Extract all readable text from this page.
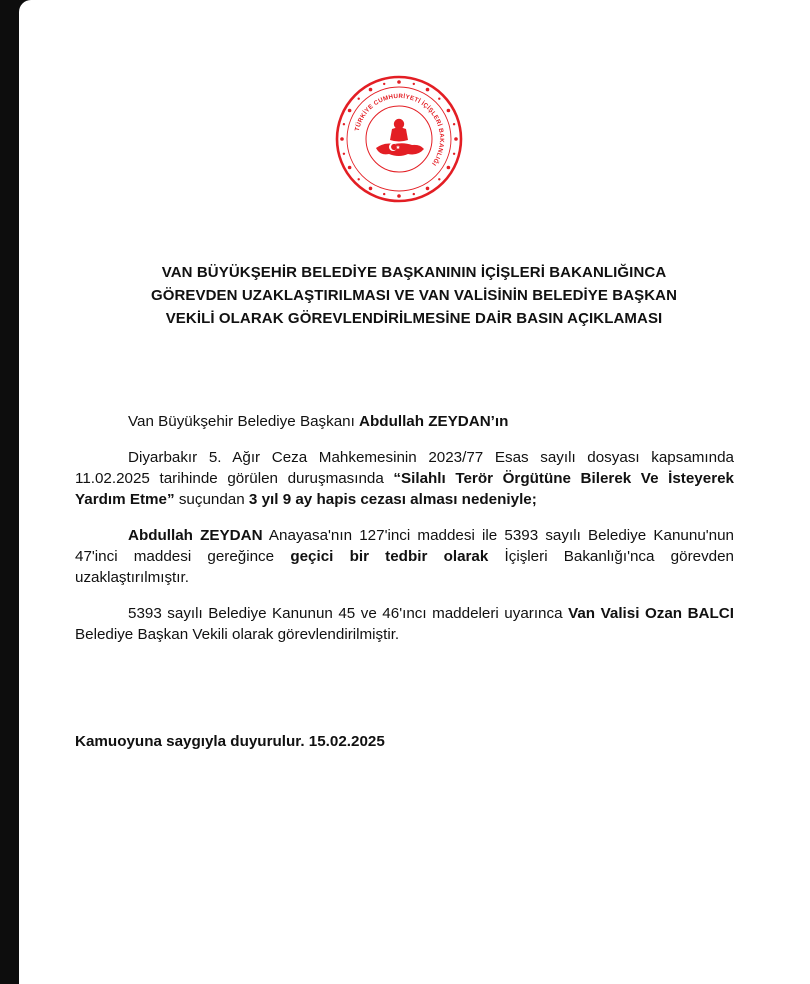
TÜRKİYE CUMHURİYETİ İÇİŞLERİ BAKANLIĞI
VAN BÜYÜKŞEHİR BELEDİYE BAŞKANININ İÇİŞLERİ BAKANLIĞINCA
GÖREVDEN UZAKLAŞTIRILMASI VE VAN VALİSİNİN BELEDİYE BAŞKAN
VEKİLİ OLARAK GÖREVLENDİRİLMESİNE DAİR BASIN AÇIKLAMASI

Van Büyükşehir Belediye Başkanı Abdullah ZEYDAN’ın

Diyarbakır 5. Ağır Ceza Mahkemesinin 2023/77 Esas sayılı dosyası kapsamında 11.02.2025 tarihinde görülen duruşmasında “Silahlı Terör Örgütüne Bilerek Ve İsteyerek Yardım Etme” suçundan 3 yıl 9 ay hapis cezası alması nedeniyle;

Abdullah ZEYDAN Anayasa'nın 127'inci maddesi ile 5393 sayılı Belediye Kanunu'nun 47'inci maddesi gereğince geçici bir tedbir olarak İçişleri Bakanlığı'nca görevden uzaklaştırılmıştır.

5393 sayılı Belediye Kanunun 45 ve 46'ıncı maddeleri uyarınca Van Valisi Ozan BALCI Belediye Başkan Vekili olarak görevlendirilmiştir.

Kamuoyuna saygıyla duyurulur. 15.02.2025
